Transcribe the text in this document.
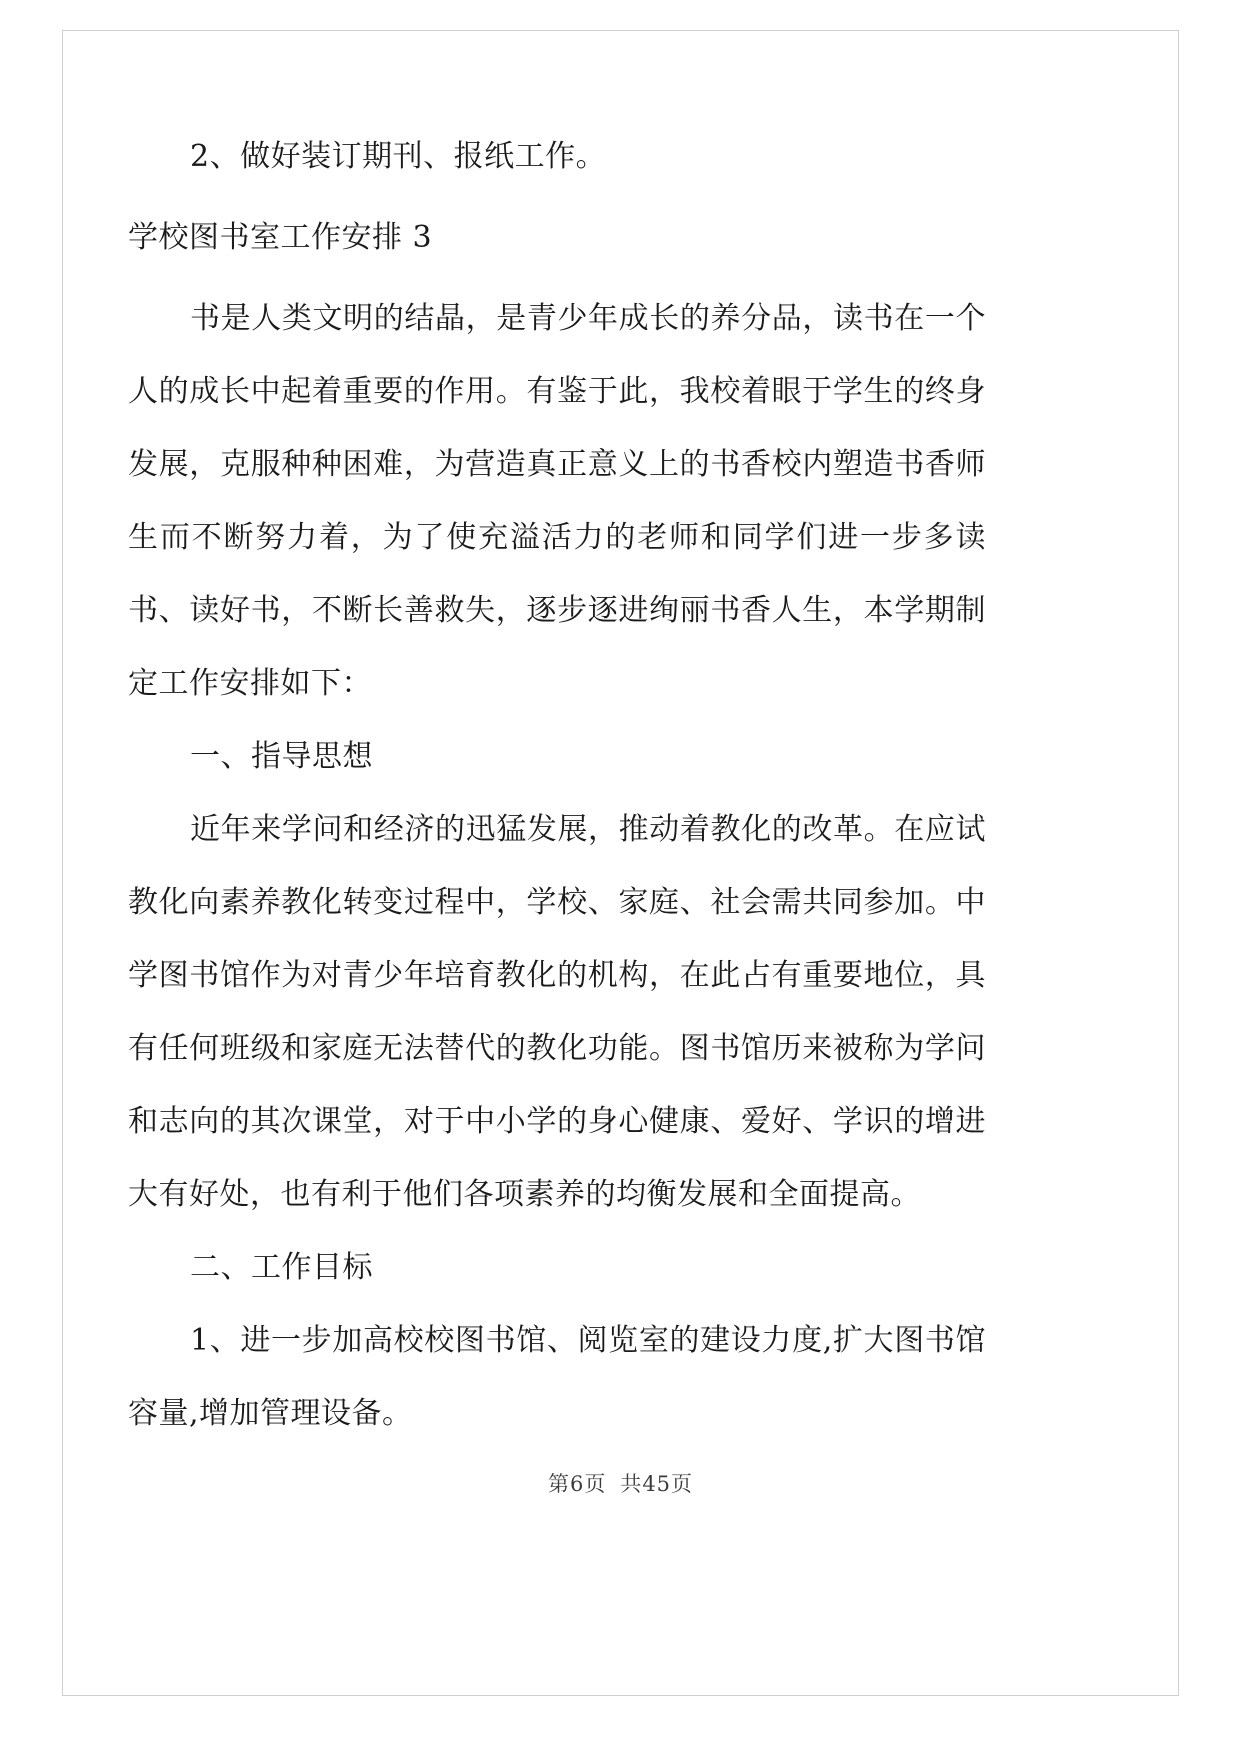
2、做好装订期刊、报纸工作。

学校图书室工作安排 3

书是人类文明的结晶，是青少年成长的养分品，读书在一个人的成长中起着重要的作用。有鉴于此，我校着眼于学生的终身发展，克服种种困难，为营造真正意义上的书香校内塑造书香师生而不断努力着，为了使充溢活力的老师和同学们进一步多读书、读好书，不断长善救失，逐步逐进绚丽书香人生，本学期制定工作安排如下：

一、指导思想

近年来学问和经济的迅猛发展，推动着教化的改革。在应试教化向素养教化转变过程中，学校、家庭、社会需共同参加。中学图书馆作为对青少年培育教化的机构，在此占有重要地位，具有任何班级和家庭无法替代的教化功能。图书馆历来被称为学问和志向的其次课堂，对于中小学的身心健康、爱好、学识的增进大有好处，也有利于他们各项素养的均衡发展和全面提高。

二、工作目标

1、进一步加高校校图书馆、阅览室的建设力度,扩大图书馆容量,增加管理设备。

第6页 共45页
